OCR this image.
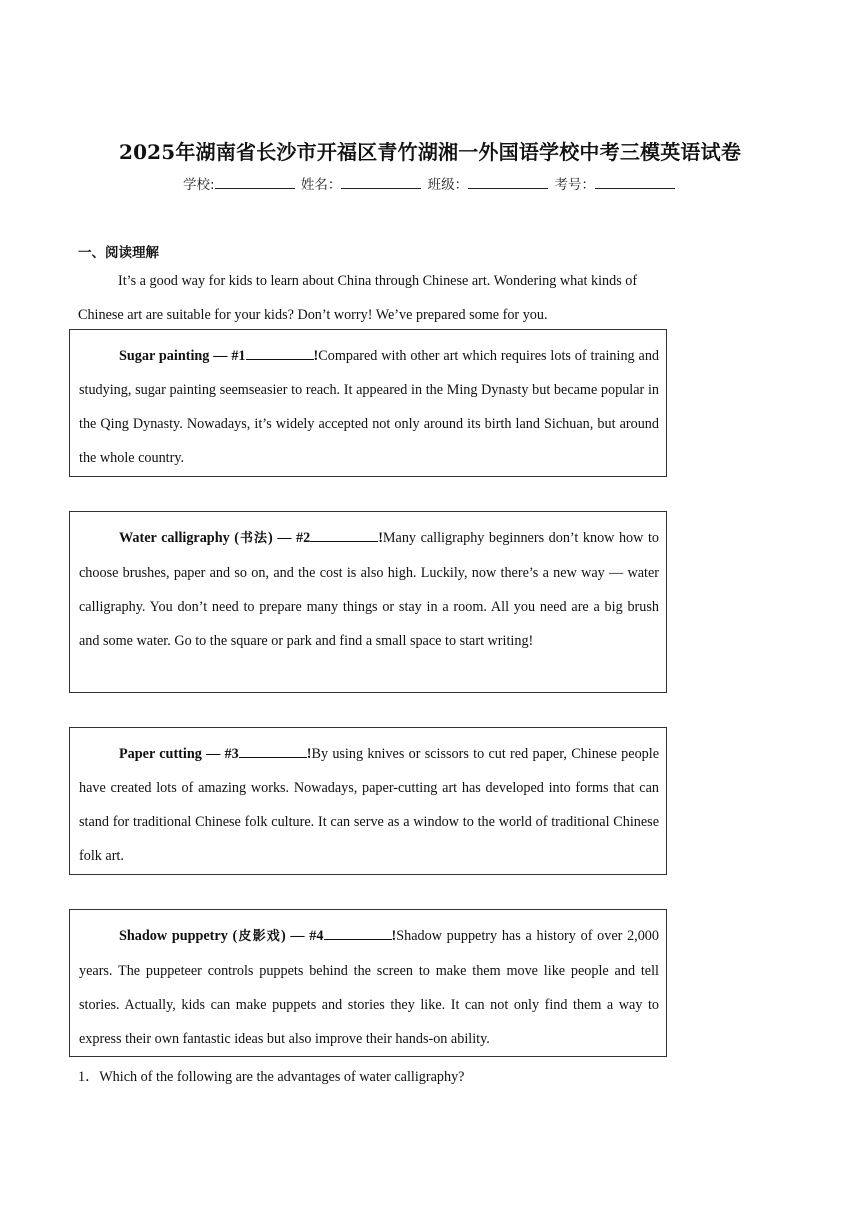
2025年湖南省长沙市开福区青竹湖湘一外国语学校中考三模英语试卷
学校:	姓名：	班级：	考号：
一、阅读理解

It’s a good way for kids to learn about China through Chinese art. Wondering what kinds of Chinese art are suitable for your kids? Don’t worry! We’ve prepared some for you.

Sugar painting — #1	!Compared with other art which requires lots of training and studying, sugar painting seemseasier to reach. It appeared in the Ming Dynasty but became popular in the Qing Dynasty. Nowadays, it’s widely accepted not only around its birth land Sichuan, but around the whole country.

Water calligraphy (书法) — #2	!Many calligraphy beginners don’t know how to choose brushes, paper and so on, and the cost is also high. Luckily, now there’s a new way — water calligraphy. You don’t need to prepare many things or stay in a room. All you need are a big brush and some water. Go to the square or park and find a small space to start writing!

Paper cutting — #3	!By using knives or scissors to cut red paper, Chinese people have created lots of amazing works. Nowadays, paper-cutting art has developed into forms that can stand for traditional Chinese folk culture. It can serve as a window to the world of traditional Chinese folk art.

Shadow puppetry (皮影戏) — #4	!Shadow puppetry has a history of over 2,000 years. The puppeteer controls puppets behind the screen to make them move like people and tell stories. Actually, kids can make puppets and stories they like. It can not only find them a way to express their own fantastic ideas but also improve their hands-on ability.

1．Which of the following are the advantages of water calligraphy?
